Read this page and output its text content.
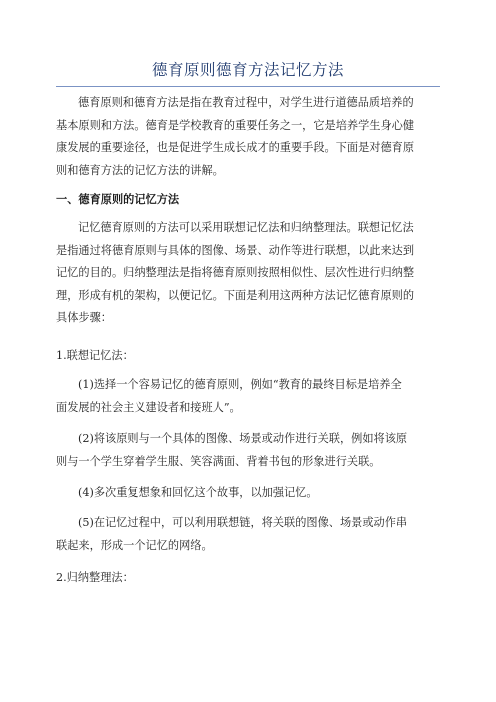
德育原则德育方法记忆方法
德育原则和德育方法是指在教育过程中，对学生进行道德品质培养的
基本原则和方法。德育是学校教育的重要任务之一，它是培养学生身心健
康发展的重要途径，也是促进学生成长成才的重要手段。下面是对德育原
则和德育方法的记忆方法的讲解。
一、德育原则的记忆方法
记忆德育原则的方法可以采用联想记忆法和归纳整理法。联想记忆法
是指通过将德育原则与具体的图像、场景、动作等进行联想，以此来达到
记忆的目的。归纳整理法是指将德育原则按照相似性、层次性进行归纳整
理，形成有机的架构，以便记忆。下面是利用这两种方法记忆德育原则的
具体步骤：
1.联想记忆法：
(1)选择一个容易记忆的德育原则，例如“教育的最终目标是培养全
面发展的社会主义建设者和接班人”。
(2)将该原则与一个具体的图像、场景或动作进行关联，例如将该原
则与一个学生穿着学生服、笑容满面、背着书包的形象进行关联。
(4)多次重复想象和回忆这个故事，以加强记忆。
(5)在记忆过程中，可以利用联想链，将关联的图像、场景或动作串
联起来，形成一个记忆的网络。
2.归纳整理法：
